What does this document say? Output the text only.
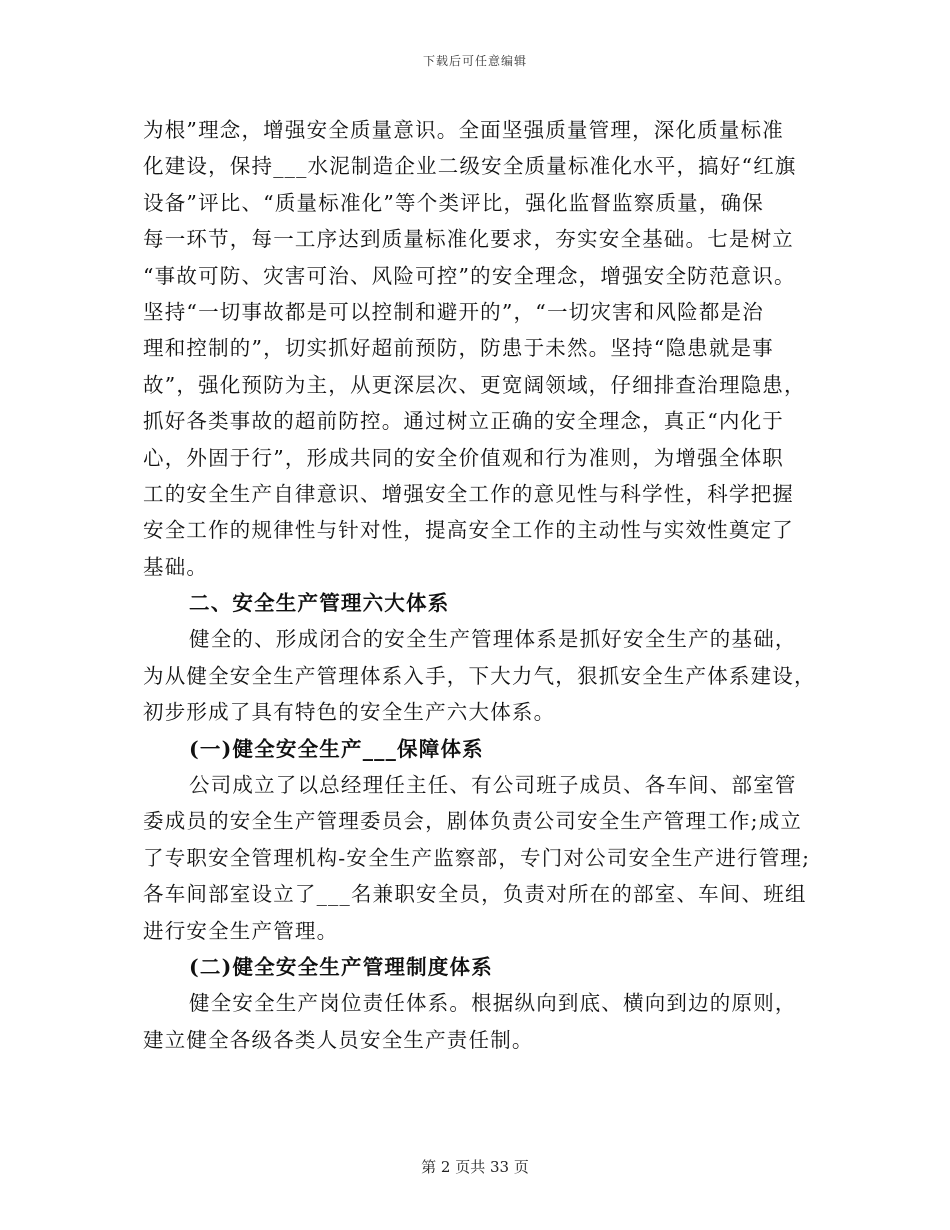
下载后可任意编辑
为根”理念，增强安全质量意识。全面坚强质量管理，深化质量标准
化建设，保持___水泥制造企业二级安全质量标准化水平，搞好“红旗
设备”评比、“质量标准化”等个类评比，强化监督监察质量，确保
每一环节，每一工序达到质量标准化要求，夯实安全基础。七是树立
“事故可防、灾害可治、风险可控”的安全理念，增强安全防范意识。
坚持“一切事故都是可以控制和避开的”，“一切灾害和风险都是治
理和控制的”，切实抓好超前预防，防患于未然。坚持“隐患就是事
故”，强化预防为主，从更深层次、更宽阔领域，仔细排查治理隐患，
抓好各类事故的超前防控。通过树立正确的安全理念，真正“内化于
心，外固于行”，形成共同的安全价值观和行为准则，为增强全体职
工的安全生产自律意识、增强安全工作的意见性与科学性，科学把握
安全工作的规律性与针对性，提高安全工作的主动性与实效性奠定了
基础。
二、安全生产管理六大体系
健全的、形成闭合的安全生产管理体系是抓好安全生产的基础，
为从健全安全生产管理体系入手，下大力气，狠抓安全生产体系建设，
初步形成了具有特色的安全生产六大体系。
(一)健全安全生产___保障体系
公司成立了以总经理任主任、有公司班子成员、各车间、部室管
委成员的安全生产管理委员会，剧体负责公司安全生产管理工作;成立
了专职安全管理机构-安全生产监察部，专门对公司安全生产进行管理;
各车间部室设立了___名兼职安全员，负责对所在的部室、车间、班组
进行安全生产管理。
(二)健全安全生产管理制度体系
健全安全生产岗位责任体系。根据纵向到底、横向到边的原则，
建立健全各级各类人员安全生产责任制。
第 2 页共 33 页
